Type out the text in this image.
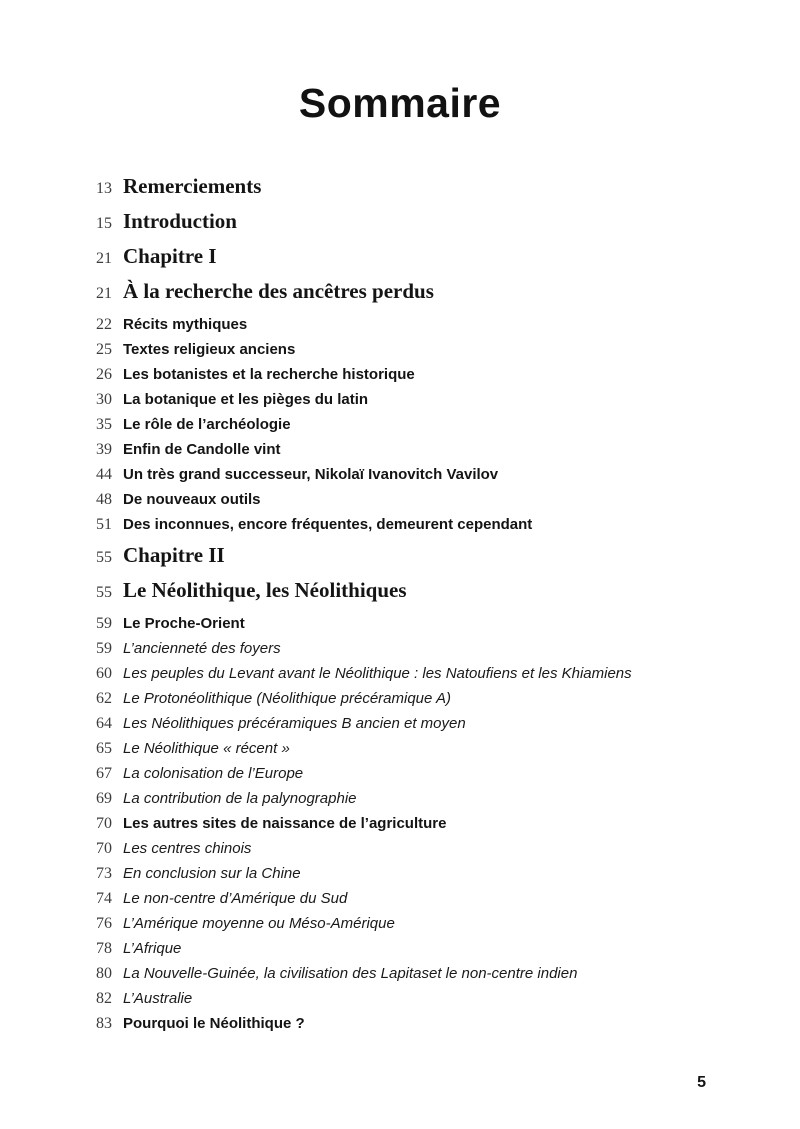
Sommaire
13 Remerciements
15 Introduction
21 Chapitre I
21 À la recherche des ancêtres perdus
22 Récits mythiques
25 Textes religieux anciens
26 Les botanistes et la recherche historique
30 La botanique et les pièges du latin
35 Le rôle de l’archéologie
39 Enfin de Candolle vint
44 Un très grand successeur, Nikolaï Ivanovitch Vavilov
48 De nouveaux outils
51 Des inconnues, encore fréquentes, demeurent cependant
55 Chapitre II
55 Le Néolithique, les Néolithiques
59 Le Proche-Orient
59 L’ancienneté des foyers
60 Les peuples du Levant avant le Néolithique : les Natoufiens et les Khiamiens
62 Le Protonéolithique (Néolithique précéramique A)
64 Les Néolithiques précéramiques B ancien et moyen
65 Le Néolithique « récent »
67 La colonisation de l’Europe
69 La contribution de la palynographie
70 Les autres sites de naissance de l’agriculture
70 Les centres chinois
73 En conclusion sur la Chine
74 Le non-centre d’Amérique du Sud
76 L’Amérique moyenne ou Méso-Amérique
78 L’Afrique
80 La Nouvelle-Guinée, la civilisation des Lapitaset le non-centre indien
82 L’Australie
83 Pourquoi le Néolithique ?
5
